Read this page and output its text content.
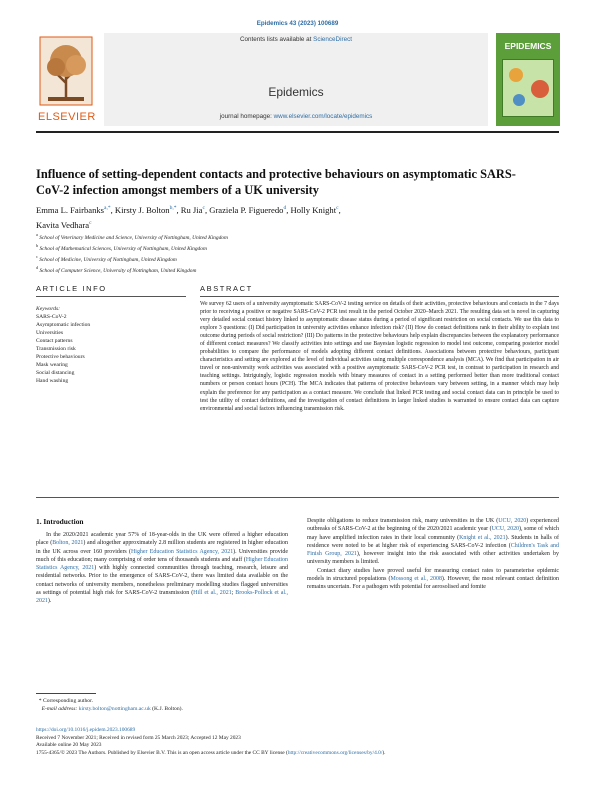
Epidemics 43 (2023) 100689
ELSEVIER
Contents lists available at ScienceDirect
Epidemics
journal homepage: www.elsevier.com/locate/epidemics
EPIDEMICS
Influence of setting-dependent contacts and protective behaviours on asymptomatic SARS-CoV-2 infection amongst members of a UK university
Emma L. Fairbanks$^{a,*}$, Kirsty J. Bolton$^{b,*}$, Ru Jia$^c$, Graziela P. Figueredo$^d$, Holly Knight$^c$,
Kavita Vedhara$^c$
$^a$ School of Veterinary Medicine and Science, University of Nottingham, United Kingdom
$^b$ School of Mathematical Sciences, University of Nottingham, United Kingdom
$^c$ School of Medicine, University of Nottingham, United Kingdom
$^d$ School of Computer Science, University of Nottingham, United Kingdom
ARTICLE INFO	ABSTRACT
Keywords:
SARS-CoV-2
Asymptomatic infection
Universities
Contact patterns
Transmission risk
Protective behaviours
Mask wearing
Social distancing
Hand washing
We survey 62 users of a university asymptomatic SARS-CoV-2 testing service on details of their activities, protective behaviours and contacts in the 7 days prior to receiving a positive or negative SARS-CoV-2 PCR test result in the period October 2020–March 2021. The resulting data set is novel in capturing very detailed social contact history linked to asymptomatic disease status during a period of significant restriction on social contacts. We use this data to explore 3 questions: (I) Did participation in university activities enhance infection risk? (II) How do contact definitions rank in their ability to explain test outcome during periods of social restriction? (III) Do patterns in the protective behaviours help explain discrepancies between the explanatory performance of different contact measures? We classify activities into settings and use Bayesian logistic regression to model test outcome, comparing posterior model probabilities to compare the performance of models adopting different contact definitions. Associations between protective behaviours, participant characteristics and setting are explored at the level of individual activities using multiple correspondence analysis (MCA). We find that participation in air travel or non-university work activities was associated with a positive asymptomatic SARS-CoV-2 PCR test, in contrast to participation in research and teaching settings. Intriguingly, logistic regression models with binary measures of contact in a setting performed better than more traditional contact numbers or person contact hours (PCH). The MCA indicates that patterns of protective behaviours vary between setting, in a manner which may help explain the preference for any participation as a contact measure. We conclude that linked PCR testing and social contact data can in principle be used to test the utility of contact definitions, and the investigation of contact definitions in larger linked studies is warranted to ensure contact data can capture environmental and social factors influencing transmission risk.
1. Introduction
In the 2020/2021 academic year 57% of 18-year-olds in the UK were offered a higher education place (Bolton, 2021) and altogether approximately 2.8 million students are registered in higher education in the UK across over 160 providers (Higher Education Statistics Agency, 2021). Universities provide much of this education; many comprising of order tens of thousands students and staff (Higher Education Statistics Agency, 2021) with highly connected communities through teaching, research, leisure and residential networks. Prior to the emergence of SARS-CoV-2, there was limited data available on the contact networks of university members, nonetheless preliminary modelling studies flagged universities as settings of potential high risk for SARS-CoV-2 transmission (Hill et al., 2021; Brooks-Pollock et al., 2021).

Despite obligations to reduce transmission risk, many universities in the UK (UCU, 2020) experienced outbreaks of SARS-CoV-2 at the beginning of the 2020/2021 academic year (UCU, 2020), some of which may have amplified infection rates in their local community (Knight et al., 2021). Students in halls of residence were noted to be at higher risk of experiencing SARS-CoV-2 infection (Children's Task and Finish Group, 2021), however insight into the risk associated with other activities undertaken by university members is limited.

Contact diary studies have proved useful for measuring contact rates to parameterise epidemic models in structured populations (Mossong et al., 2008). However, the most relevant contact definition remains uncertain. For a pathogen with potential for aerosolised and fomite

* Corresponding author.
E-mail address: kirsty.bolton@nottingham.ac.uk (K.J. Bolton).
https://doi.org/10.1016/j.epidem.2023.100689
Received 7 November 2021; Received in revised form 25 March 2023; Accepted 12 May 2023
Available online 20 May 2023
1755-4365/© 2023 The Authors. Published by Elsevier B.V. This is an open access article under the CC BY license (http://creativecommons.org/licenses/by/4.0/).
